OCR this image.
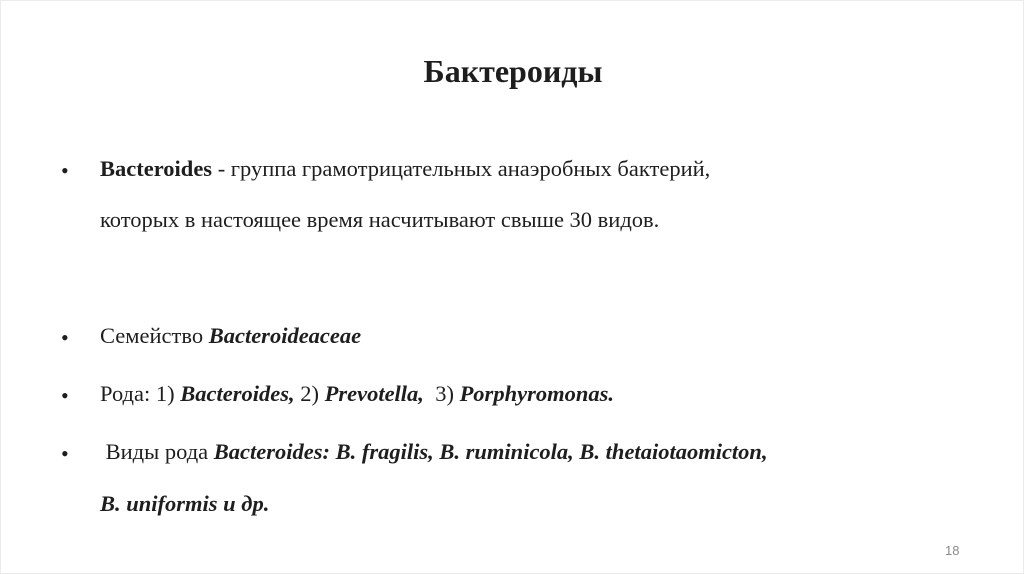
Бактероиды
• Bacteroides - группа грамотрицательных анаэробных бактерий,
которых в настоящее время насчитывают свыше 30 видов.
• Семейство Bacteroideaceae
• Рода: 1) Bacteroides, 2) Prevotella,  3) Porphyromonas.
• Виды рода Bacteroides: B. fragilis, B. ruminicola, B. thetaiotaomicton,
B. uniformis и др.
18
